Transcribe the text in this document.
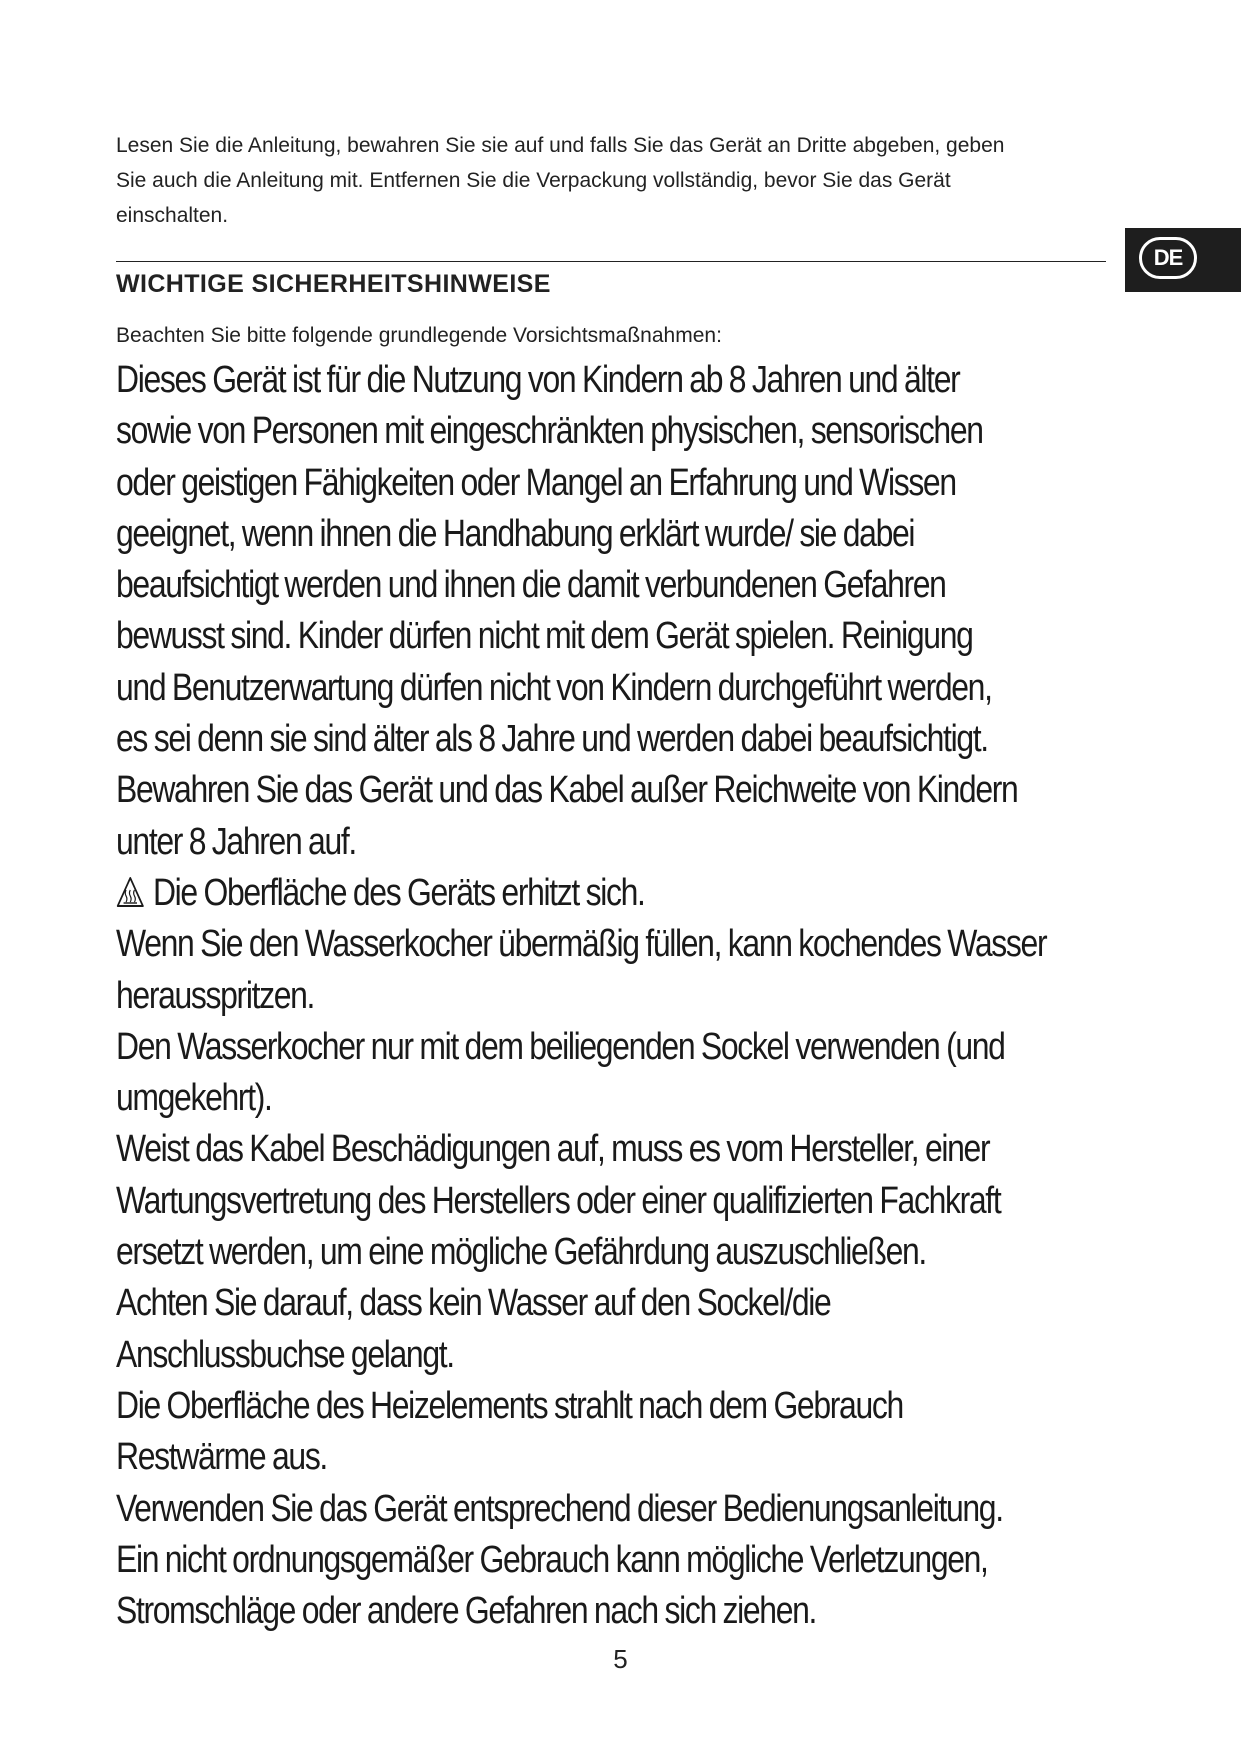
Lesen Sie die Anleitung, bewahren Sie sie auf und falls Sie das Gerät an Dritte abgeben, geben
Sie auch die Anleitung mit. Entfernen Sie die Verpackung vollständig, bevor Sie das Gerät
einschalten.
DE
WICHTIGE SICHERHEITSHINWEISE

Beachten Sie bitte folgende grundlegende Vorsichtsmaßnahmen:

Dieses Gerät ist für die Nutzung von Kindern ab 8 Jahren und älter
sowie von Personen mit eingeschränkten physischen, sensorischen
oder geistigen Fähigkeiten oder Mangel an Erfahrung und Wissen
geeignet, wenn ihnen die Handhabung erklärt wurde/ sie dabei
beaufsichtigt werden und ihnen die damit verbundenen Gefahren
bewusst sind. Kinder dürfen nicht mit dem Gerät spielen. Reinigung
und Benutzerwartung dürfen nicht von Kindern durchgeführt werden,
es sei denn sie sind älter als 8 Jahre und werden dabei beaufsichtigt.
Bewahren Sie das Gerät und das Kabel außer Reichweite von Kindern
unter 8 Jahren auf.
Die Oberfläche des Geräts erhitzt sich.
Wenn Sie den Wasserkocher übermäßig füllen, kann kochendes Wasser
herausspritzen.
Den Wasserkocher nur mit dem beiliegenden Sockel verwenden (und
umgekehrt).
Weist das Kabel Beschädigungen auf, muss es vom Hersteller, einer
Wartungsvertretung des Herstellers oder einer qualifizierten Fachkraft
ersetzt werden, um eine mögliche Gefährdung auszuschließen.
Achten Sie darauf, dass kein Wasser auf den Sockel/die
Anschlussbuchse gelangt.
Die Oberfläche des Heizelements strahlt nach dem Gebrauch
Restwärme aus.
Verwenden Sie das Gerät entsprechend dieser Bedienungsanleitung.
Ein nicht ordnungsgemäßer Gebrauch kann mögliche Verletzungen,
Stromschläge oder andere Gefahren nach sich ziehen.
5
